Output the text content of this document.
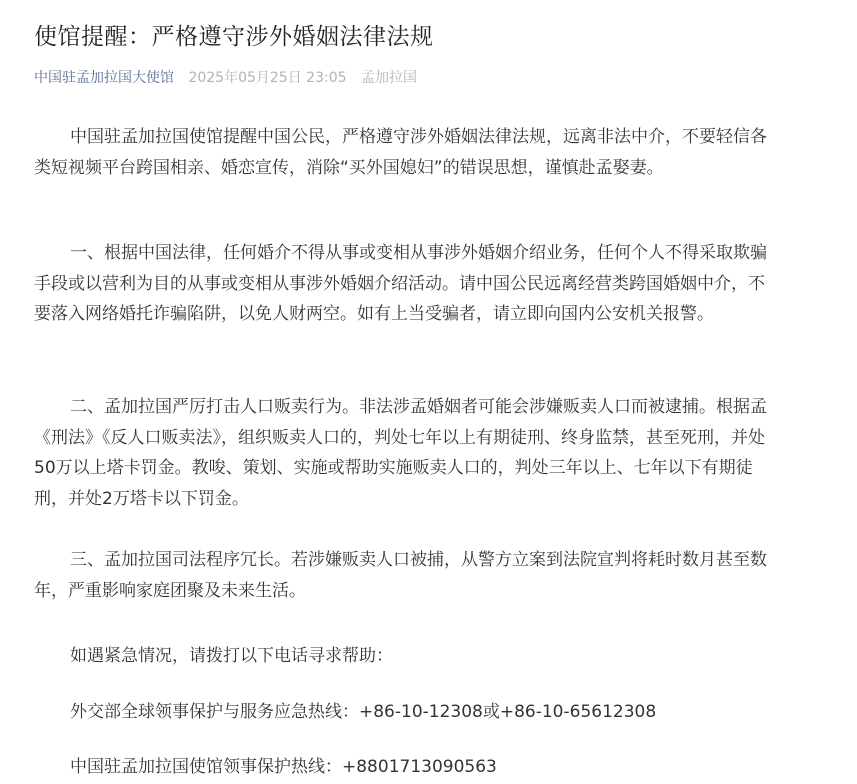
使馆提醒：严格遵守涉外婚姻法律法规
中国驻孟加拉国大使馆 2025年05月25日 23:05 孟加拉国

中国驻孟加拉国使馆提醒中国公民，严格遵守涉外婚姻法律法规，远离非法中介，不要轻信各类短视频平台跨国相亲、婚恋宣传，消除“买外国媳妇”的错误思想，谨慎赴孟娶妻。

一、根据中国法律，任何婚介不得从事或变相从事涉外婚姻介绍业务，任何个人不得采取欺骗手段或以营利为目的从事或变相从事涉外婚姻介绍活动。请中国公民远离经营类跨国婚姻中介，不要落入网络婚托诈骗陷阱，以免人财两空。如有上当受骗者，请立即向国内公安机关报警。

二、孟加拉国严厉打击人口贩卖行为。非法涉孟婚姻者可能会涉嫌贩卖人口而被逮捕。根据孟《刑法》《反人口贩卖法》，组织贩卖人口的，判处七年以上有期徒刑、终身监禁，甚至死刑，并处50万以上塔卡罚金。教唆、策划、实施或帮助实施贩卖人口的，判处三年以上、七年以下有期徒刑，并处2万塔卡以下罚金。

三、孟加拉国司法程序冗长。若涉嫌贩卖人口被捕，从警方立案到法院宣判将耗时数月甚至数年，严重影响家庭团聚及未来生活。

如遇紧急情况，请拨打以下电话寻求帮助：

外交部全球领事保护与服务应急热线：+86-10-12308或+86-10-65612308

中国驻孟加拉国使馆领事保护热线：+8801713090563
